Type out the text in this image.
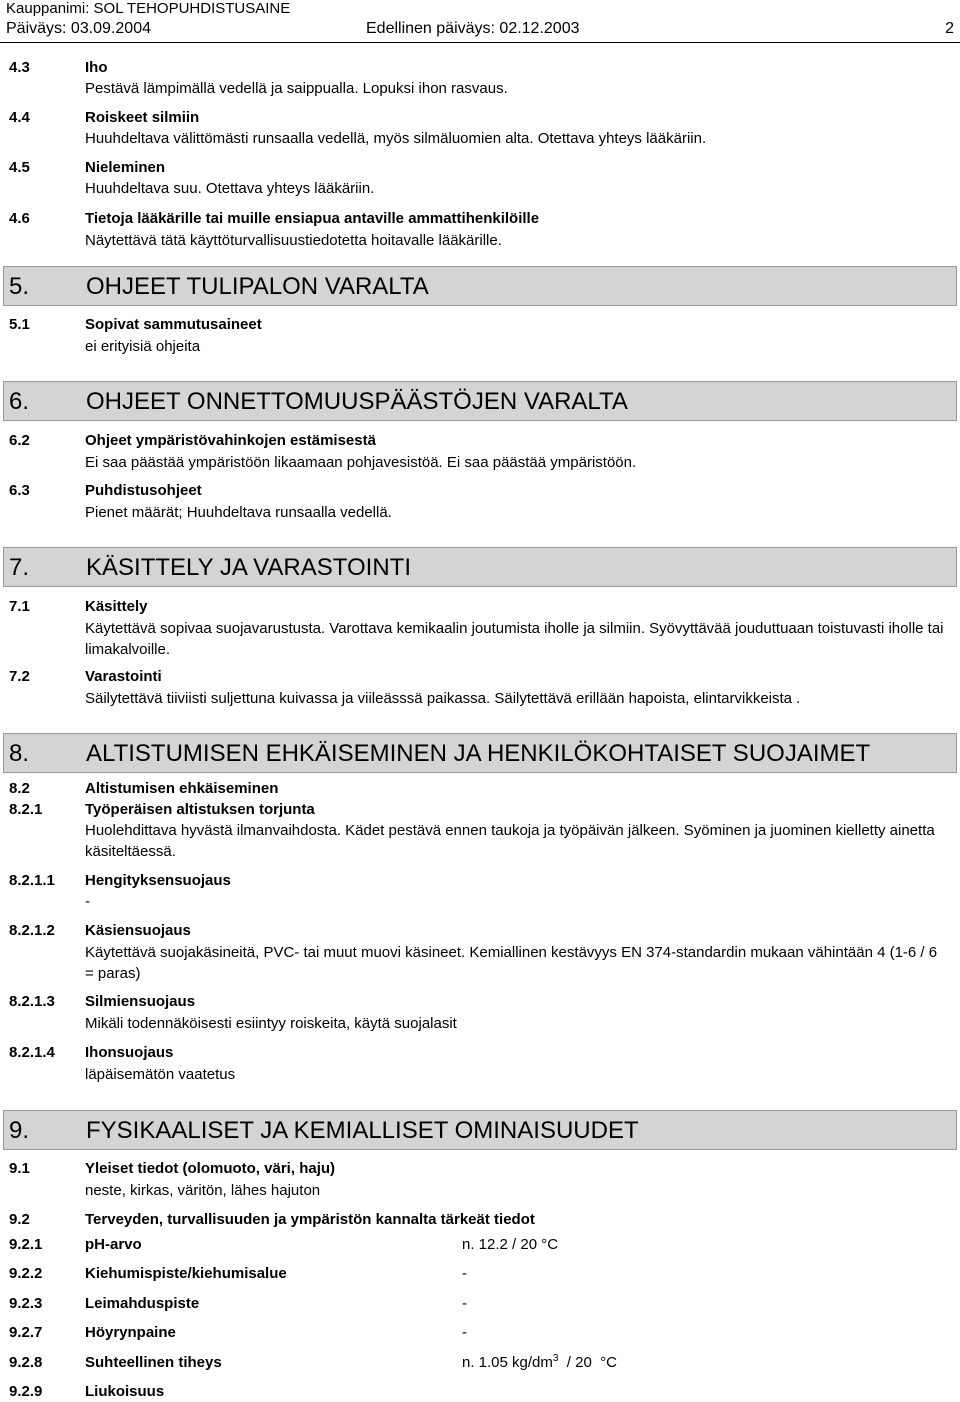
Kauppanimi: SOL TEHOPUHDISTUSAINE
Päiväys: 03.09.2004	Edellinen päiväys: 02.12.2003	2
4.3	Iho
Pestävä lämpimällä vedellä ja saippualla. Lopuksi ihon rasvaus.
4.4	Roiskeet silmiin
Huuhdeltava välittömästi runsaalla vedellä, myös silmäluomien alta. Otettava yhteys lääkäriin.
4.5	Nieleminen
Huuhdeltava suu. Otettava yhteys lääkäriin.
4.6	Tietoja lääkärille tai muille ensiapua antaville ammattihenkilöille
Näytettävä tätä käyttöturvallisuustiedotetta hoitavalle lääkärille.
5. OHJEET TULIPALON VARALTA
5.1	Sopivat sammutusaineet
ei erityisiä ohjeita
6. OHJEET ONNETTOMUUSPÄÄSTÖJEN VARALTA
6.2	Ohjeet ympäristövahinkojen estämisestä
Ei saa päästää ympäristöön likaamaan pohjavesistöä. Ei saa päästää ympäristöön.
6.3	Puhdistusohjeet
Pienet määrät; Huuhdeltava runsaalla vedellä.
7. KÄSITTELY JA VARASTOINTI
7.1	Käsittely
Käytettävä sopivaa suojavarustusta. Varottava kemikaalin joutumista iholle ja silmiin. Syövyttävää jouduttuaan toistuvasti iholle tai limakalvoille.
7.2	Varastointi
Säilytettävä tiiviisti suljettuna kuivassa ja viileässsä paikassa. Säilytettävä erillään hapoista, elintarvikkeista .
8. ALTISTUMISEN EHKÄISEMINEN JA HENKILÖKOHTAISET SUOJAIMET
8.2	Altistumisen ehkäiseminen
8.2.1	Työperäisen altistuksen torjunta
Huolehdittava hyvästä ilmanvaihdosta. Kädet pestävä ennen taukoja ja työpäivän jälkeen. Syöminen ja juominen kielletty ainetta käsiteltäessä.
8.2.1.1 Hengityksensuojaus
-
8.2.1.2 Käsiensuojaus
Käytettävä suojakäsineitä, PVC- tai muut muovi käsineet. Kemiallinen kestävyys EN 374-standardin mukaan vähintään 4 (1-6 / 6 = paras)
8.2.1.3 Silmiensuojaus
Mikäli todennäköisesti esiintyy roiskeita, käytä suojalasit
8.2.1.4 Ihonsuojaus
läpäisemätön vaatetus
9. FYSIKAALISET JA KEMIALLISET OMINAISUUDET
9.1	Yleiset tiedot (olomuoto, väri, haju)
neste, kirkas, väritön, lähes hajuton
9.2	Terveyden, turvallisuuden ja ympäristön kannalta tärkeät tiedot
9.2.1	pH-arvo	n. 12.2 / 20 °C
9.2.2	Kiehumispiste/kiehumisalue	-
9.2.3	Leimahduspiste	-
9.2.7	Höyrynpaine	-
9.2.8	Suhteellinen tiheys	n. 1.05 $kg/dm^3 / 20$  °C
9.2.9	Liukoisuus
